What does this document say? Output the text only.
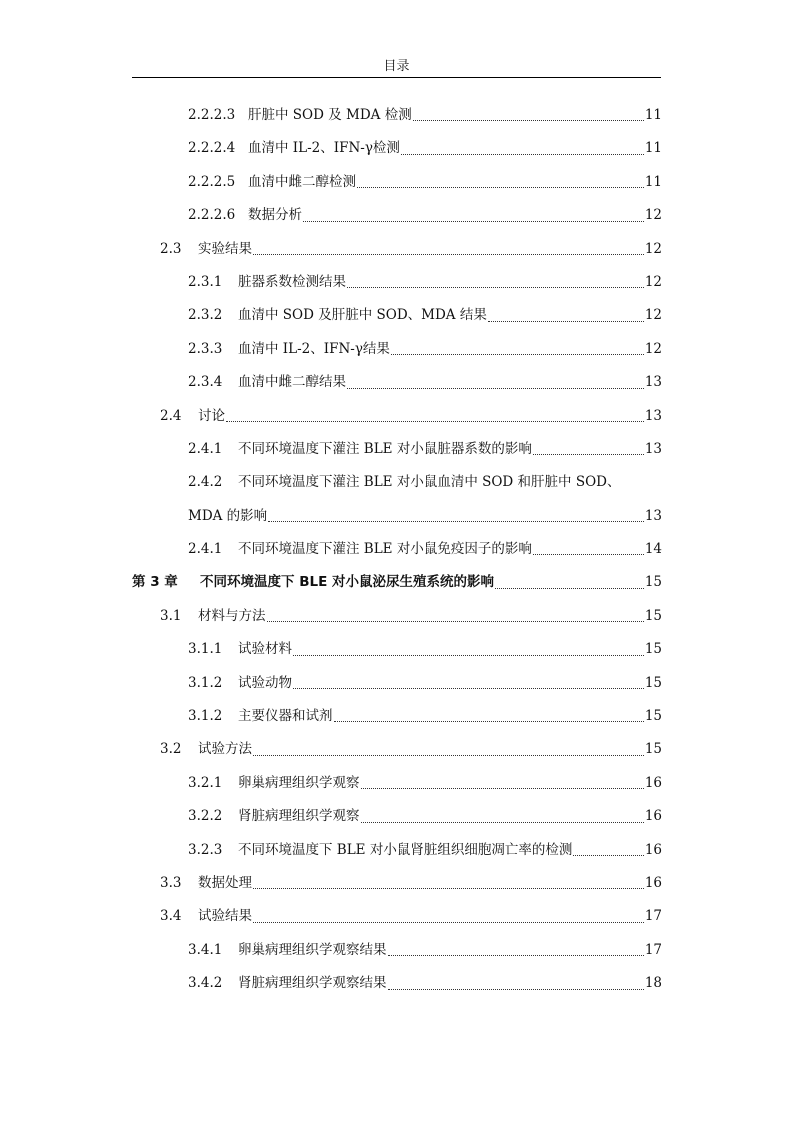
目录
2.2.2.3 肝脏中 SOD 及 MDA 检测	11
2.2.2.4 血清中 IL-2、IFN-γ检测	11
2.2.2.5 血清中雌二醇检测	11
2.2.2.6 数据分析	12
2.3	实验结果	12
2.3.1	脏器系数检测结果	12
2.3.2	血清中 SOD 及肝脏中 SOD、MDA 结果	12
2.3.3	血清中 IL-2、IFN-γ结果	12
2.3.4	血清中雌二醇结果	13
2.4	讨论	13
2.4.1	不同环境温度下灌注 BLE 对小鼠脏器系数的影响	13
2.4.2	不同环境温度下灌注 BLE 对小鼠血清中 SOD 和肝脏中 SOD、
MDA 的影响	13
2.4.1	不同环境温度下灌注 BLE 对小鼠免疫因子的影响	14
第 3 章	不同环境温度下 BLE 对小鼠泌尿生殖系统的影响	15
3.1	材料与方法	15
3.1.1	试验材料	15
3.1.2	试验动物	15
3.1.2	主要仪器和试剂	15
3.2	试验方法	15
3.2.1	卵巢病理组织学观察	16
3.2.2	肾脏病理组织学观察	16
3.2.3	不同环境温度下 BLE 对小鼠肾脏组织细胞凋亡率的检测	16
3.3	数据处理	16
3.4	试验结果	17
3.4.1	卵巢病理组织学观察结果	17
3.4.2	肾脏病理组织学观察结果	18
